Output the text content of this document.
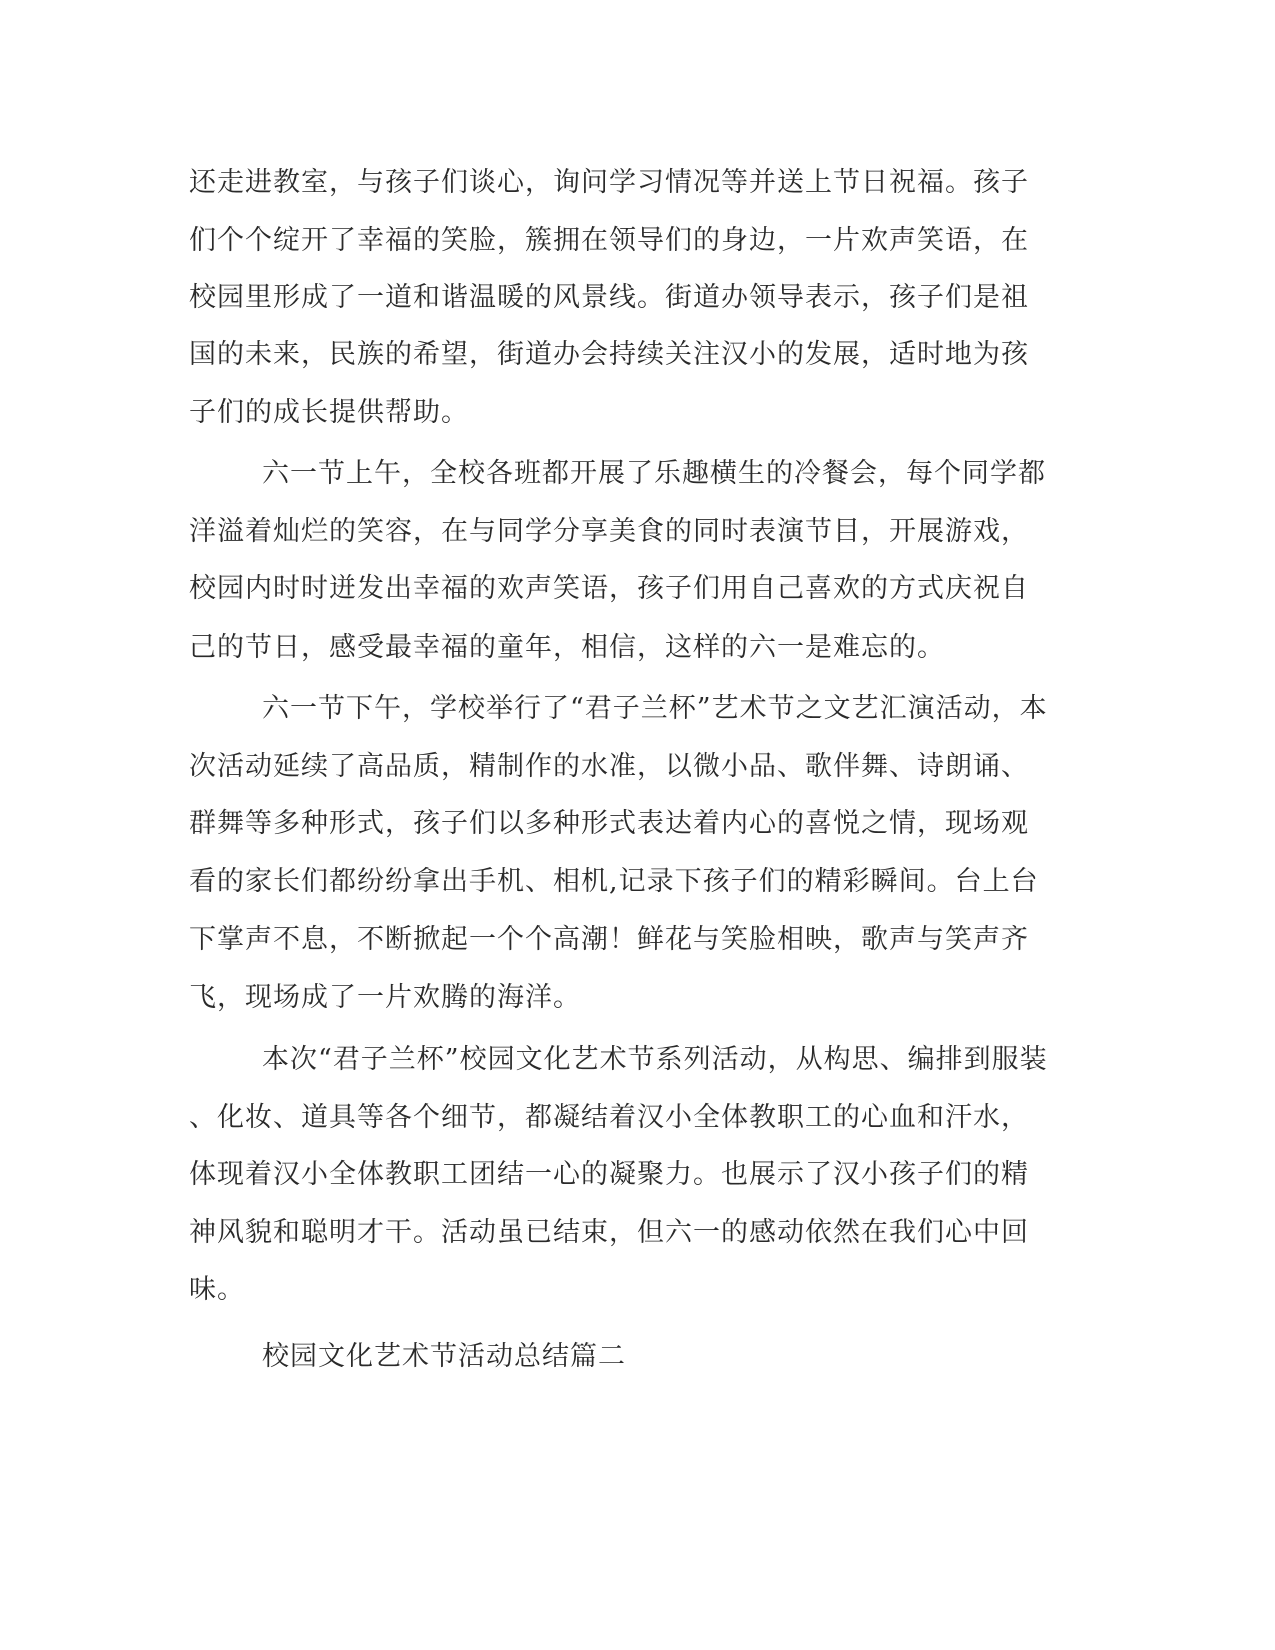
还走进教室，与孩子们谈心，询问学习情况等并送上节日祝福。孩子

们个个绽开了幸福的笑脸，簇拥在领导们的身边，一片欢声笑语，在

校园里形成了一道和谐温暖的风景线。街道办领导表示，孩子们是祖

国的未来，民族的希望，街道办会持续关注汉小的发展，适时地为孩

子们的成长提供帮助。

六一节上午，全校各班都开展了乐趣横生的冷餐会，每个同学都

洋溢着灿烂的笑容，在与同学分享美食的同时表演节目，开展游戏，

校园内时时迸发出幸福的欢声笑语，孩子们用自己喜欢的方式庆祝自

己的节日，感受最幸福的童年，相信，这样的六一是难忘的。

六一节下午，学校举行了“君子兰杯”艺术节之文艺汇演活动，本

次活动延续了高品质，精制作的水准，以微小品、歌伴舞、诗朗诵、

群舞等多种形式，孩子们以多种形式表达着内心的喜悦之情，现场观

看的家长们都纷纷拿出手机、相机,记录下孩子们的精彩瞬间。台上台

下掌声不息，不断掀起一个个高潮！鲜花与笑脸相映，歌声与笑声齐

飞，现场成了一片欢腾的海洋。

本次“君子兰杯”校园文化艺术节系列活动，从构思、编排到服装

、化妆、道具等各个细节，都凝结着汉小全体教职工的心血和汗水，

体现着汉小全体教职工团结一心的凝聚力。也展示了汉小孩子们的精

神风貌和聪明才干。活动虽已结束，但六一的感动依然在我们心中回

味。

校园文化艺术节活动总结篇二
